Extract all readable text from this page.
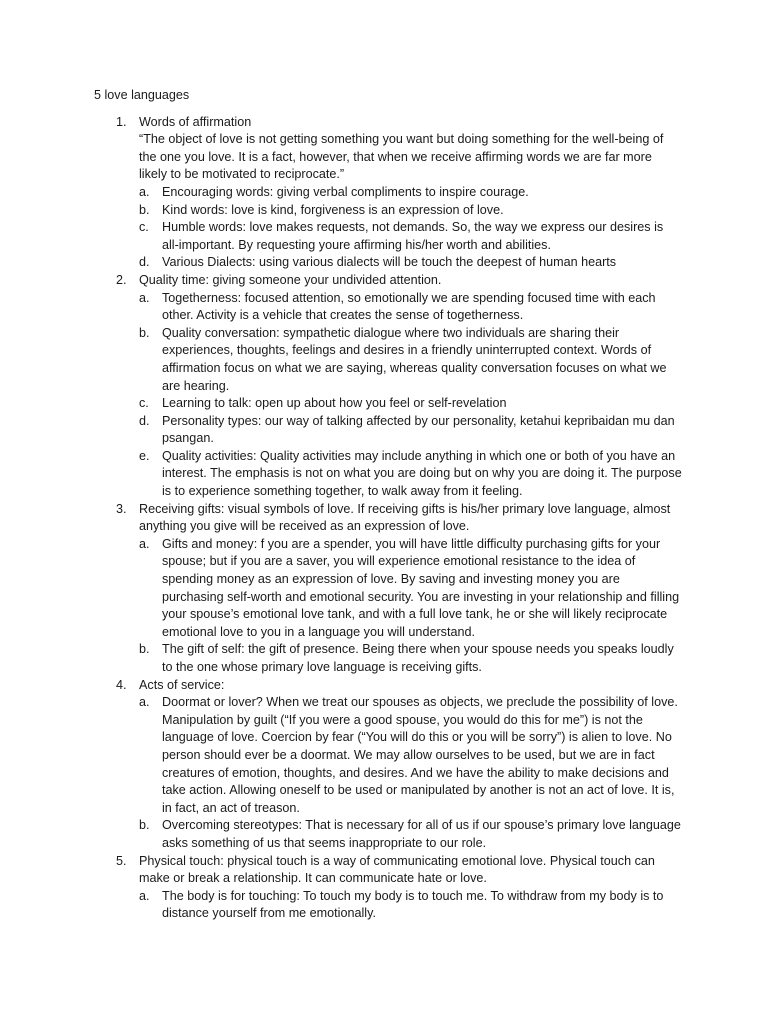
5 love languages
1. Words of affirmation
“The object of love is not getting something you want but doing something for the well-being of the one you love. It is a fact, however, that when we receive affirming words we are far more likely to be motivated to reciprocate.”
a. Encouraging words: giving verbal compliments to inspire courage.
b. Kind words: love is kind, forgiveness is an expression of love.
c. Humble words: love makes requests, not demands. So, the way we express our desires is all-important. By requesting youre affirming his/her worth and abilities.
d. Various Dialects: using various dialects will be touch the deepest of human hearts
2. Quality time: giving someone your undivided attention.
a. Togetherness: focused attention, so emotionally we are spending focused time with each other. Activity is a vehicle that creates the sense of togetherness.
b. Quality conversation: sympathetic dialogue where two individuals are sharing their experiences, thoughts, feelings and desires in a friendly uninterrupted context. Words of affirmation focus on what we are saying, whereas quality conversation focuses on what we are hearing.
c. Learning to talk: open up about how you feel or self-revelation
d. Personality types: our way of talking affected by our personality, ketahui kepribaidan mu dan psangan.
e. Quality activities: Quality activities may include anything in which one or both of you have an interest. The emphasis is not on what you are doing but on why you are doing it. The purpose is to experience something together, to walk away from it feeling.
3. Receiving gifts: visual symbols of love. If receiving gifts is his/her primary love language, almost anything you give will be received as an expression of love.
a. Gifts and money: f you are a spender, you will have little difficulty purchasing gifts for your spouse; but if you are a saver, you will experience emotional resistance to the idea of spending money as an expression of love. By saving and investing money you are purchasing self-worth and emotional security. You are investing in your relationship and filling your spouse’s emotional love tank, and with a full love tank, he or she will likely reciprocate emotional love to you in a language you will understand.
b. The gift of self: the gift of presence. Being there when your spouse needs you speaks loudly to the one whose primary love language is receiving gifts.
4. Acts of service:
a. Doormat or lover? When we treat our spouses as objects, we preclude the possibility of love. Manipulation by guilt (“If you were a good spouse, you would do this for me”) is not the language of love. Coercion by fear (“You will do this or you will be sorry”) is alien to love. No person should ever be a doormat. We may allow ourselves to be used, but we are in fact creatures of emotion, thoughts, and desires. And we have the ability to make decisions and take action. Allowing oneself to be used or manipulated by another is not an act of love. It is, in fact, an act of treason.
b. Overcoming stereotypes: That is necessary for all of us if our spouse’s primary love language asks something of us that seems inappropriate to our role.
5. Physical touch: physical touch is a way of communicating emotional love. Physical touch can make or break a relationship. It can communicate hate or love.
a. The body is for touching: To touch my body is to touch me. To withdraw from my body is to distance yourself from me emotionally.
